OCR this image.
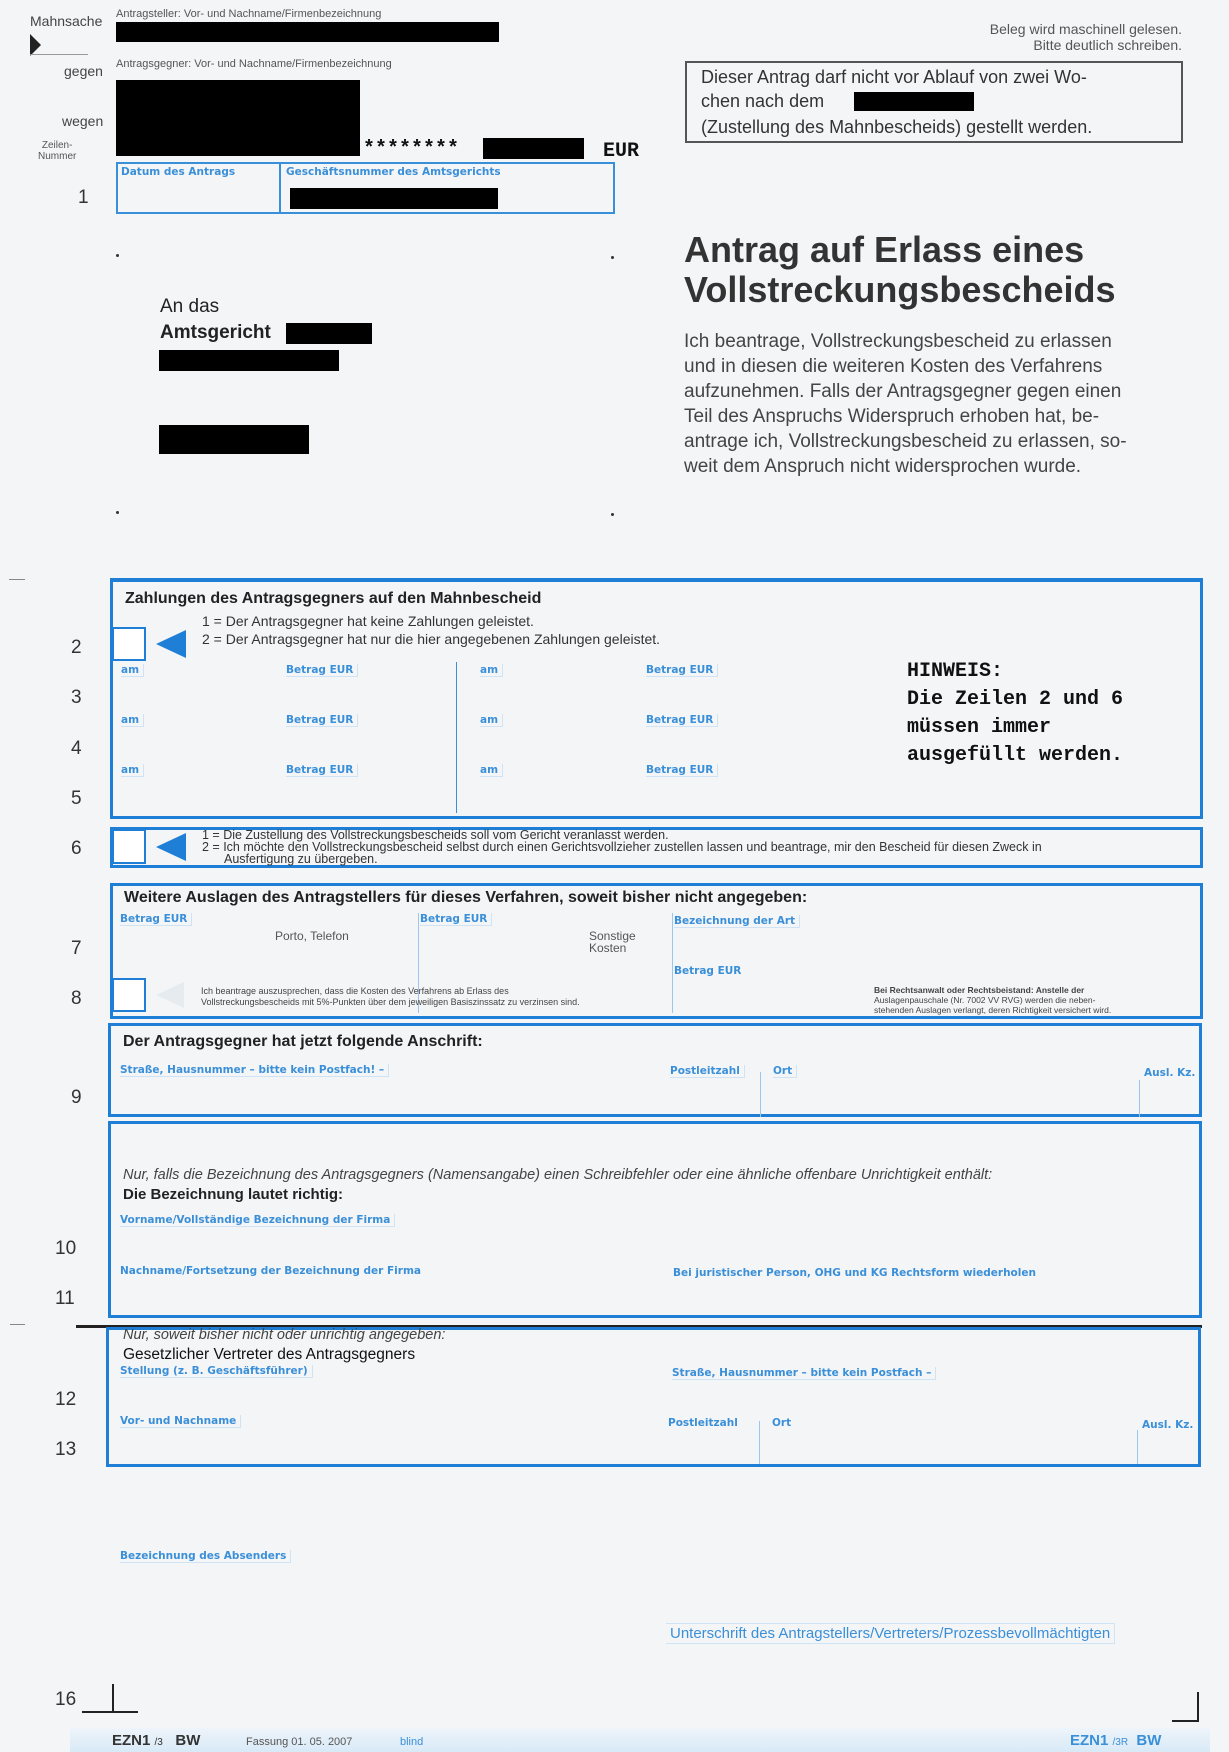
Mahnsache Antragsteller: Vor- und Nachname/Firmenbezeichnung
gegen Antragsgegner: Vor- und Nachname/Firmenbezeichnung
wegen
Zeilen-
Nummer	********	EUR
Datum des Antrags	Geschäftsnummer des Amtsgerichts
Beleg wird maschinell gelesen.
Bitte deutlich schreiben.
Dieser Antrag darf nicht vor Ablauf von zwei Wo-
chen nach dem
(Zustellung des Mahnbescheids) gestellt werden.
An das
Amtsgericht
Antrag auf Erlass eines
Vollstreckungsbescheids
Ich beantrage, Vollstreckungsbescheid zu erlassen
und in diesen die weiteren Kosten des Verfahrens
aufzunehmen. Falls der Antragsgegner gegen einen
Teil des Anspruchs Widerspruch erhoben hat, be-
antrage ich, Vollstreckungsbescheid zu erlassen, so-
weit dem Anspruch nicht widersprochen wurde.
1
2
3
4
5
6
7
8
9
10
11
12
13
16
Zahlungen des Antragsgegners auf den Mahnbescheid
1 = Der Antragsgegner hat keine Zahlungen geleistet.
2 = Der Antragsgegner hat nur die hier angegebenen Zahlungen geleistet.
am	Betrag EUR	am	Betrag EUR
am	Betrag EUR	am	Betrag EUR
am	Betrag EUR	am	Betrag EUR
HINWEIS:
Die Zeilen 2 und 6
müssen immer
ausgefüllt werden.
1 = Die Zustellung des Vollstreckungsbescheids soll vom Gericht veranlasst werden.
2 = Ich möchte den Vollstreckungsbescheid selbst durch einen Gerichtsvollzieher zustellen lassen und beantrage, mir den Bescheid für diesen Zweck in
Ausfertigung zu übergeben.
Weitere Auslagen des Antragstellers für dieses Verfahren, soweit bisher nicht angegeben:
Betrag EUR
Porto, Telefon
Betrag EUR
Sonstige
Kosten
Bezeichnung der Art
Betrag EUR
Ich beantrage auszusprechen, dass die Kosten des Verfahrens ab Erlass des
Vollstreckungsbescheids mit 5%-Punkten über dem jeweiligen Basiszinssatz zu verzinsen sind.
Bei Rechtsanwalt oder Rechtsbeistand: Anstelle der
Auslagenpauschale (Nr. 7002 VV RVG) werden die neben-
stehenden Auslagen verlangt, deren Richtigkeit versichert wird.
Der Antragsgegner hat jetzt folgende Anschrift:
Straße, Hausnummer – bitte kein Postfach! –	Postleitzahl	Ort	Ausl. Kz.
Nur, falls die Bezeichnung des Antragsgegners (Namensangabe) einen Schreibfehler oder eine ähnliche offenbare Unrichtigkeit enthält:
Die Bezeichnung lautet richtig:
Vorname/Vollständige Bezeichnung der Firma
Nachname/Fortsetzung der Bezeichnung der Firma	Bei juristischer Person, OHG und KG Rechtsform wiederholen
Nur, soweit bisher nicht oder unrichtig angegeben:
Gesetzlicher Vertreter des Antragsgegners
Stellung (z. B. Geschäftsführer)	Straße, Hausnummer – bitte kein Postfach –
Vor- und Nachname	Postleitzahl	Ort	Ausl. Kz.
Bezeichnung des Absenders
Unterschrift des Antragstellers/Vertreters/Prozessbevollmächtigten
EZN1 /3 BW	Fassung 01. 05. 2007	blind	EZN1 /3R BW
